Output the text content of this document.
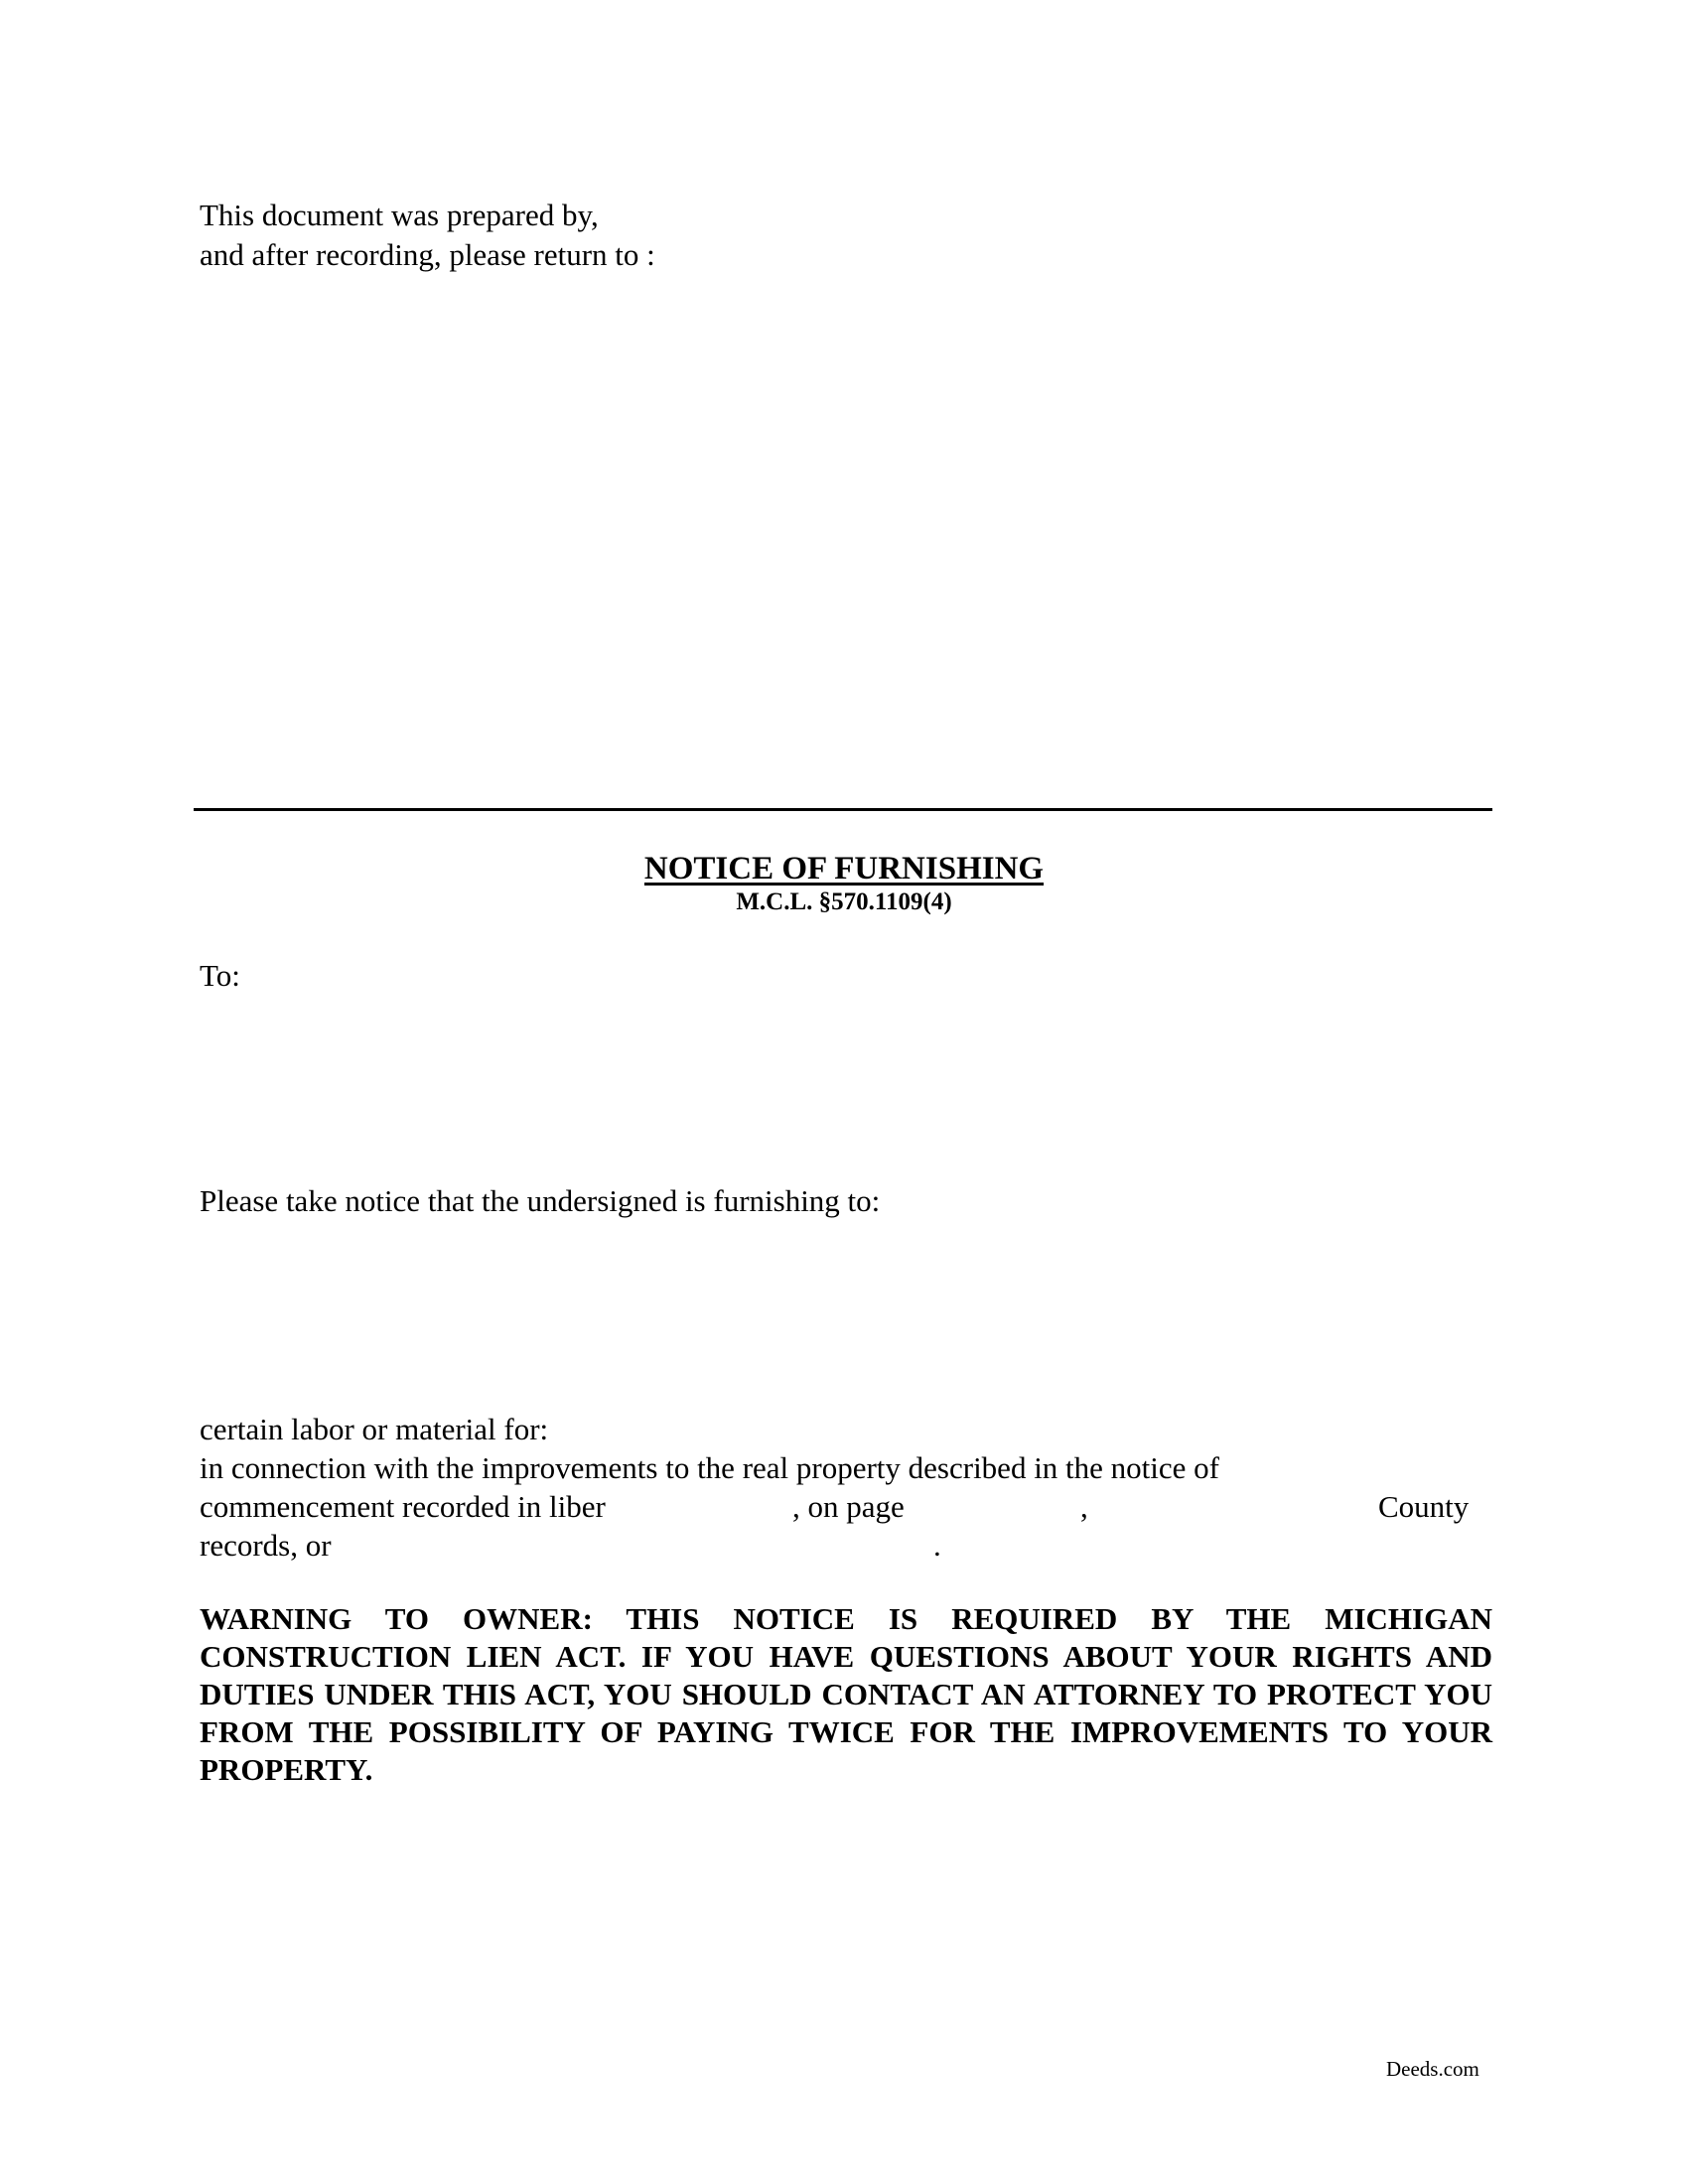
This document was prepared by,
and after recording, please return to :
NOTICE OF FURNISHING
M.C.L. §570.1109(4)
To:
Please take notice that the undersigned is furnishing to:
certain labor or material for:
in connection with the improvements to the real property described in the notice of
commencement recorded in liber	, on page	,	County
records, or	.
WARNING TO OWNER: THIS NOTICE IS REQUIRED BY THE MICHIGAN CONSTRUCTION LIEN ACT. IF YOU HAVE QUESTIONS ABOUT YOUR RIGHTS AND DUTIES UNDER THIS ACT, YOU SHOULD CONTACT AN ATTORNEY TO PROTECT YOU FROM THE POSSIBILITY OF PAYING TWICE FOR THE IMPROVEMENTS TO YOUR PROPERTY.
Deeds.com
